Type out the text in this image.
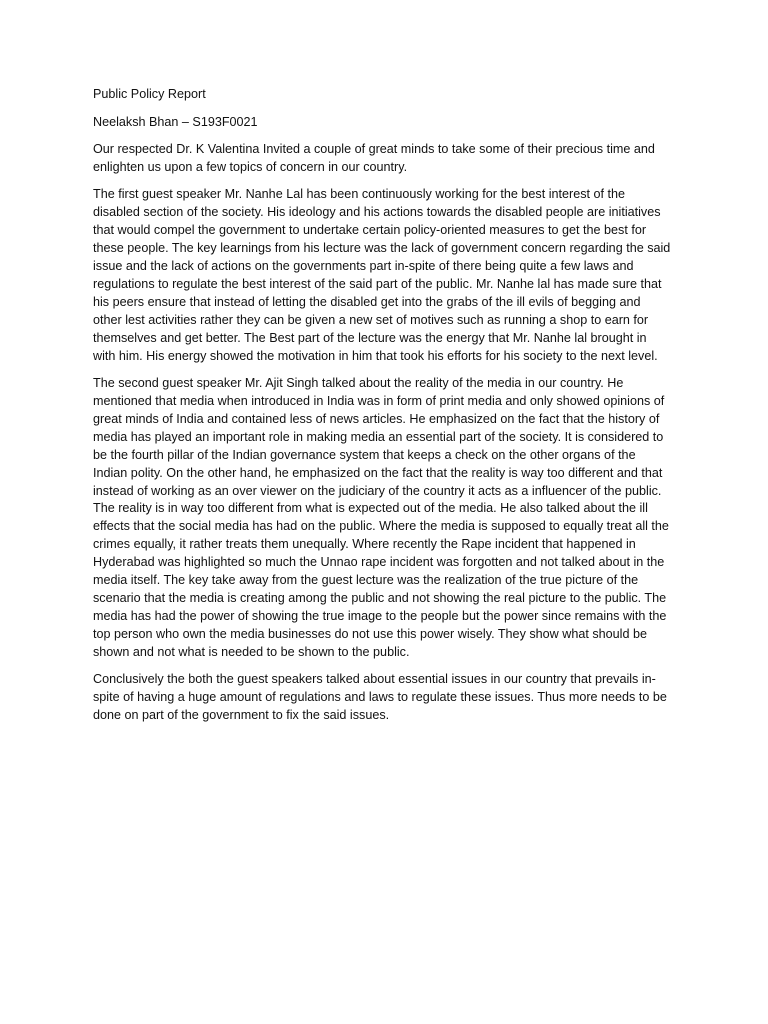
Public Policy Report

Neelaksh Bhan – S193F0021

Our respected Dr. K Valentina Invited a couple of great minds to take some of their precious time and enlighten us upon a few topics of concern in our country.

The first guest speaker Mr. Nanhe Lal has been continuously working for the best interest of the disabled section of the society. His ideology and his actions towards the disabled people are initiatives that would compel the government to undertake certain policy-oriented measures to get the best for these people. The key learnings from his lecture was the lack of government concern regarding the said issue and the lack of actions on the governments part in-spite of there being quite a few laws and regulations to regulate the best interest of the said part of the public. Mr. Nanhe lal has made sure that his peers ensure that instead of letting the disabled get into the grabs of the ill evils of begging and other lest activities rather they can be given a new set of motives such as running a shop to earn for themselves and get better. The Best part of the lecture was the energy that Mr. Nanhe lal brought in with him. His energy showed the motivation in him that took his efforts for his society to the next level.

The second guest speaker Mr. Ajit Singh talked about the reality of the media in our country. He mentioned that media when introduced in India was in form of print media and only showed opinions of great minds of India and contained less of news articles. He emphasized on the fact that the history of media has played an important role in making media an essential part of the society. It is considered to be the fourth pillar of the Indian governance system that keeps a check on the other organs of the Indian polity. On the other hand, he emphasized on the fact that the reality is way too different and that instead of working as an over viewer on the judiciary of the country it acts as a influencer of the public. The reality is in way too different from what is expected out of the media. He also talked about the ill effects that the social media has had on the public. Where the media is supposed to equally treat all the crimes equally, it rather treats them unequally. Where recently the Rape incident that happened in Hyderabad was highlighted so much the Unnao rape incident was forgotten and not talked about in the media itself. The key take away from the guest lecture was the realization of the true picture of the scenario that the media is creating among the public and not showing the real picture to the public. The media has had the power of showing the true image to the people but the power since remains with the top person who own the media businesses do not use this power wisely. They show what should be shown and not what is needed to be shown to the public.

Conclusively the both the guest speakers talked about essential issues in our country that prevails in-spite of having a huge amount of regulations and laws to regulate these issues. Thus more needs to be done on part of the government to fix the said issues.
